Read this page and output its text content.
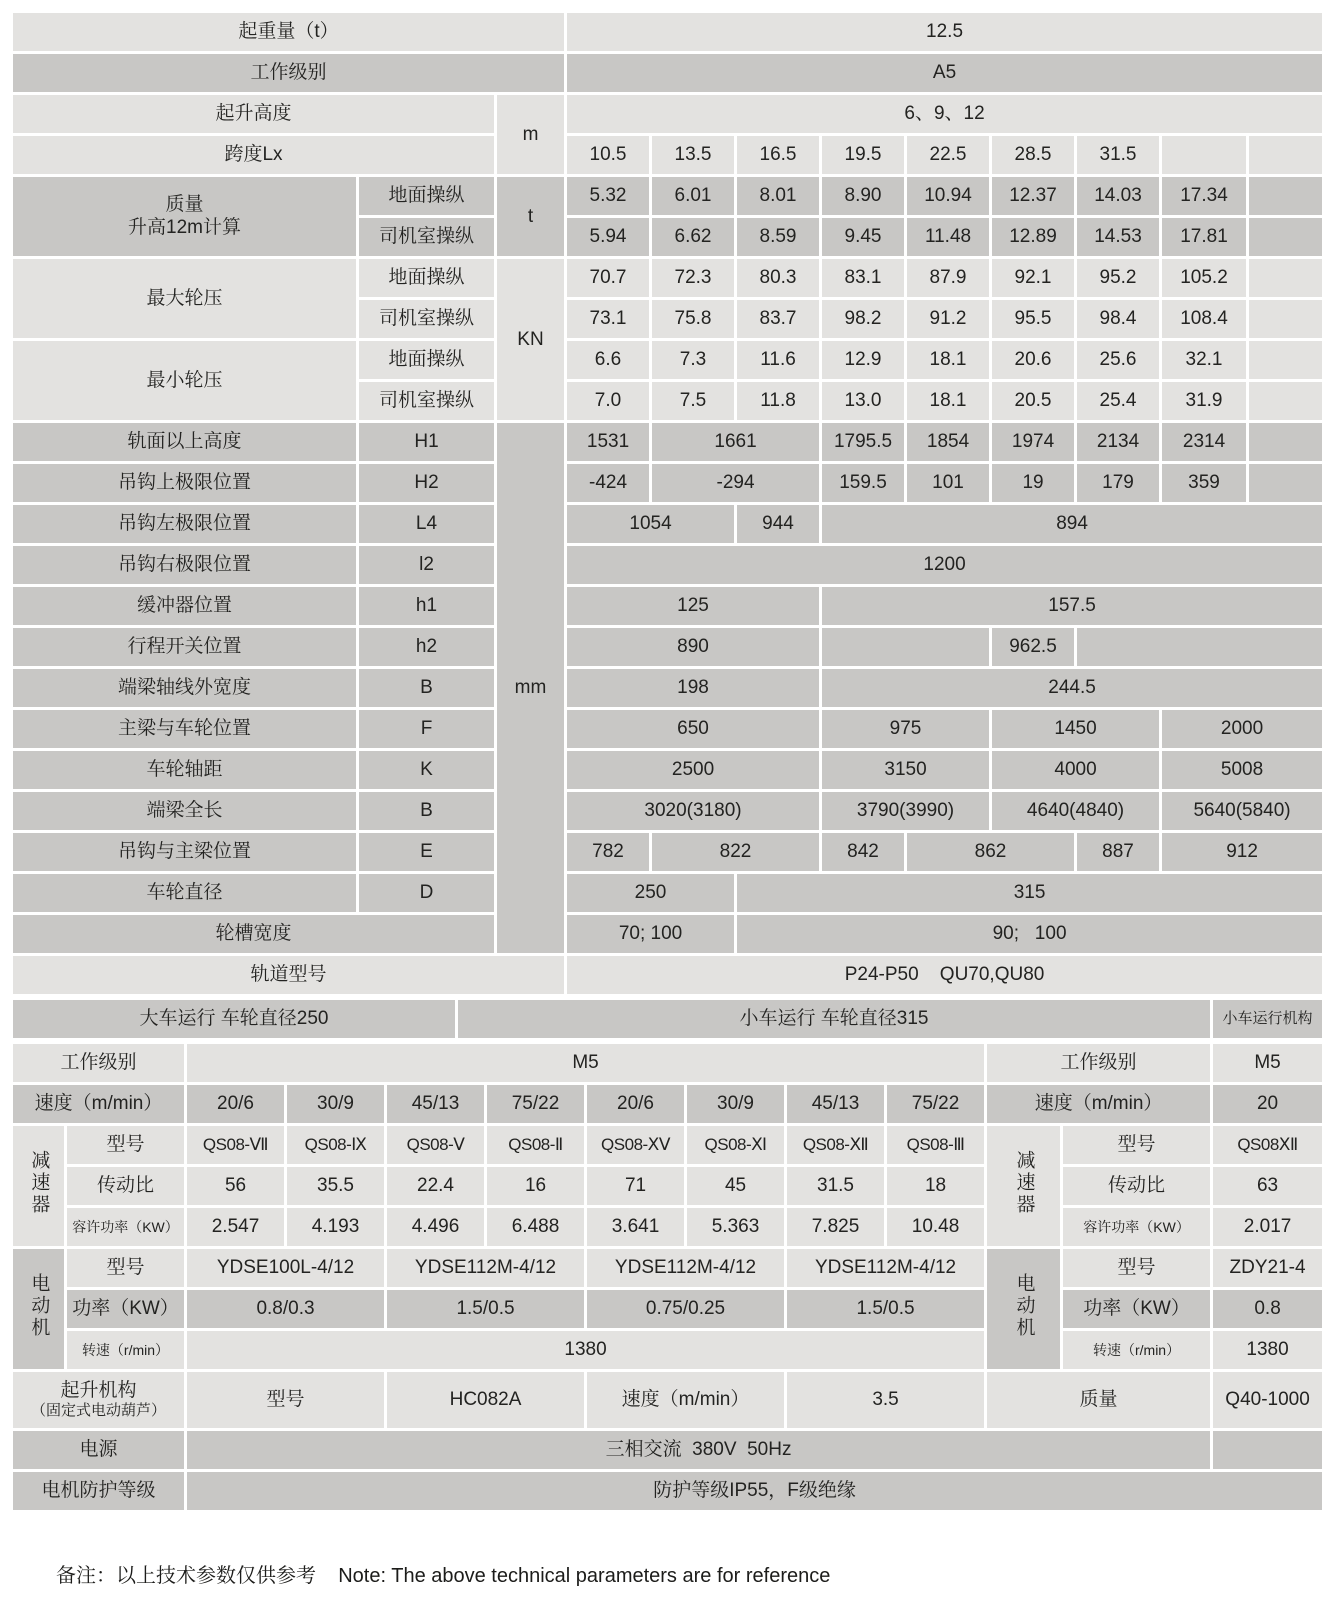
起重量（t）			12.5								
工作级别			A5								
起升高度		m	6、9、12								
跨度Lx			10.5	13.5	16.5	19.5	22.5	28.5	31.5		

质量
升高12m计算	地面操纵	t	5.32	6.01	8.01	8.90	10.94	12.37	14.03	17.34	
	司机室操纵		5.94	6.62	8.59	9.45	11.48	12.89	14.53	17.81	
最大轮压	地面操纵	KN	70.7	72.3	80.3	83.1	87.9	92.1	95.2	105.2	
	司机室操纵		73.1	75.8	83.7	98.2	91.2	95.5	98.4	108.4	
最小轮压	地面操纵		6.6	7.3	11.6	12.9	18.1	20.6	25.6	32.1	
	司机室操纵		7.0	7.5	11.8	13.0	18.1	20.5	25.4	31.9	
轨面以上高度	H1	mm	1531	1661		1795.5	1854	1974	2134	2314	
吊钩上极限位置	H2		-424	-294		159.5	101	19	179	359	
吊钩左极限位置	L4		1054		944	894					
吊钩右极限位置	l2		1200								
缓冲器位置	h1		125			157.5					
行程开关位置	h2		890					962.5			
端梁轴线外宽度	B		198			244.5					
主梁与车轮位置	F		650			975		1450		2000	
车轮轴距	K		2500			3150		4000		5008	
端梁全长	B		3020(3180)			3790(3990)		4640(4840)		5640(5840)	
吊钩与主梁位置	E		782	822		842	862		887	912	
车轮直径	D		250		315						
轮槽宽度			70; 100		90;   100						
轨道型号			P24-P50    QU70,QU80								
大车运行 车轮直径250	小车运行 车轮直径315	小车运行机构
工作级别		M5								工作级别		M5
速度（m/min）		20/6	30/9	45/13	75/22	20/6	30/9	45/13	75/22	速度（m/min）		20
减速器	型号	QS08-Ⅶ	QS08-Ⅸ	QS08-Ⅴ	QS08-Ⅱ	QS08-ⅩⅤ	QS08-Ⅺ	QS08-Ⅻ	QS08-Ⅲ	减速器	型号	QS08ⅩⅡ
	传动比	56	35.5	22.4	16	71	45	31.5	18		传动比	63
	容许功率（KW）	2.547	4.193	4.496	6.488	3.641	5.363	7.825	10.48		容许功率（KW）	2.017
电动机	型号	YDSE100L-4/12		YDSE112M-4/12		YDSE112M-4/12		YDSE112M-4/12		电动机	型号	ZDY21-4
	功率（KW）	0.8/0.3		1.5/0.5		0.75/0.25		1.5/0.5			功率（KW）	0.8
	转速（r/min）	1380									转速（r/min）	1380

起升机构
（固定式电动葫芦）		型号		HC082A		速度（m/min）		3.5		质量		Q40-1000
电源		三相交流  380V  50Hz										
电机防护等级		防护等级IP55，F级绝缘										
备注：以上技术参数仅供参考    Note: The above technical parameters are for reference
